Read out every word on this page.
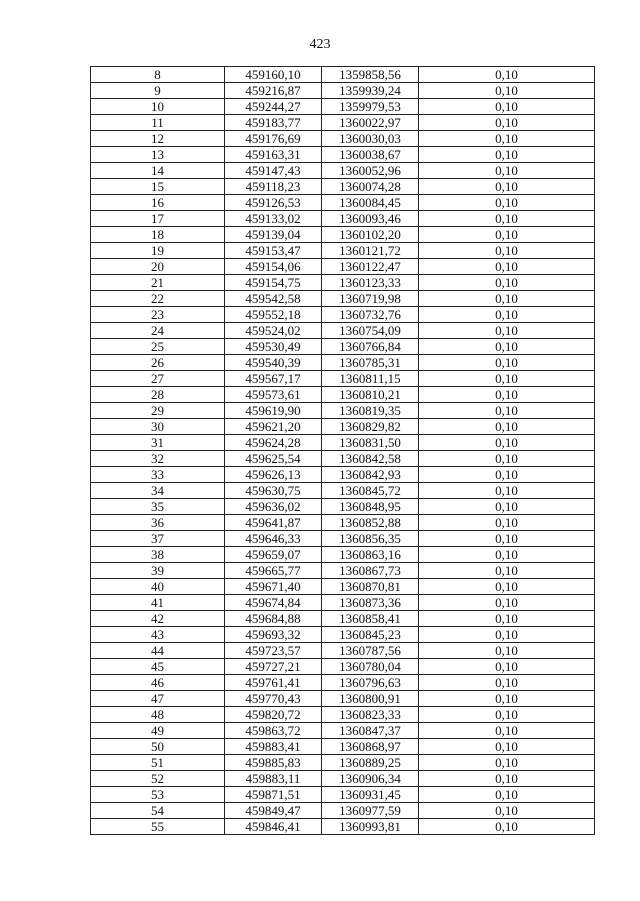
423
8	459160,10	1359858,56	0,10
9	459216,87	1359939,24	0,10
10	459244,27	1359979,53	0,10
11	459183,77	1360022,97	0,10
12	459176,69	1360030,03	0,10
13	459163,31	1360038,67	0,10
14	459147,43	1360052,96	0,10
15	459118,23	1360074,28	0,10
16	459126,53	1360084,45	0,10
17	459133,02	1360093,46	0,10
18	459139,04	1360102,20	0,10
19	459153,47	1360121,72	0,10
20	459154,06	1360122,47	0,10
21	459154,75	1360123,33	0,10
22	459542,58	1360719,98	0,10
23	459552,18	1360732,76	0,10
24	459524,02	1360754,09	0,10
25	459530,49	1360766,84	0,10
26	459540,39	1360785,31	0,10
27	459567,17	1360811,15	0,10
28	459573,61	1360810,21	0,10
29	459619,90	1360819,35	0,10
30	459621,20	1360829,82	0,10
31	459624,28	1360831,50	0,10
32	459625,54	1360842,58	0,10
33	459626,13	1360842,93	0,10
34	459630,75	1360845,72	0,10
35	459636,02	1360848,95	0,10
36	459641,87	1360852,88	0,10
37	459646,33	1360856,35	0,10
38	459659,07	1360863,16	0,10
39	459665,77	1360867,73	0,10
40	459671,40	1360870,81	0,10
41	459674,84	1360873,36	0,10
42	459684,88	1360858,41	0,10
43	459693,32	1360845,23	0,10
44	459723,57	1360787,56	0,10
45	459727,21	1360780,04	0,10
46	459761,41	1360796,63	0,10
47	459770,43	1360800,91	0,10
48	459820,72	1360823,33	0,10
49	459863,72	1360847,37	0,10
50	459883,41	1360868,97	0,10
51	459885,83	1360889,25	0,10
52	459883,11	1360906,34	0,10
53	459871,51	1360931,45	0,10
54	459849,47	1360977,59	0,10
55	459846,41	1360993,81	0,10
